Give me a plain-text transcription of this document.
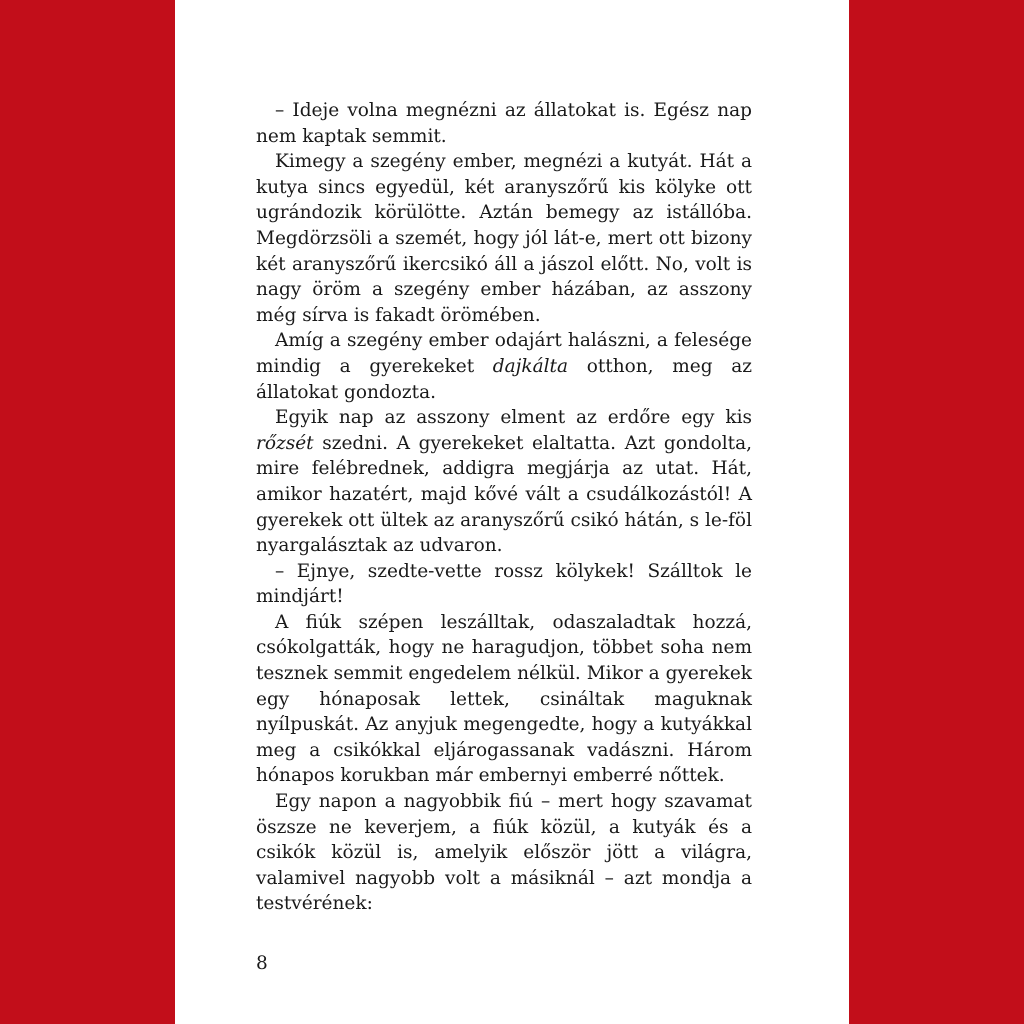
– Ideje volna megnézni az állatokat is. Egész nap nem kaptak semmit.

Kimegy a szegény ember, megnézi a kutyát. Hát a kutya sincs egyedül, két aranyszőrű kis kölyke ott ugrándozik körülötte. Aztán bemegy az istállóba. Megdörzsöli a szemét, hogy jól lát-e, mert ott bizony két aranyszőrű ikercsikó áll a jászol előtt. No, volt is nagy öröm a szegény ember házában, az asszony még sírva is fakadt örömében.

Amíg a szegény ember odajárt halászni, a felesége mindig a gyerekeket dajkálta otthon, meg az állatokat gondozta.

Egyik nap az asszony elment az erdőre egy kis rőzsét szedni. A gyerekeket elaltatta. Azt gondolta, mire felébrednek, addigra megjárja az utat. Hát, amikor hazatért, majd kővé vált a csudálkozástól! A gyerekek ott ültek az aranyszőrű csikó hátán, s le-föl nyargalásztak az udvaron.

– Ejnye, szedte-vette rossz kölykek! Szálltok le mindjárt!

A fiúk szépen leszálltak, odaszaladtak hozzá, csókolgatták, hogy ne haragudjon, többet soha nem tesznek semmit engedelem nélkül. Mikor a gyerekek egy hónaposak lettek, csináltak maguknak nyílpuskát. Az anyjuk megengedte, hogy a kutyákkal meg a csikókkal eljárogassanak vadászni. Három hónapos korukban már embernyi emberré nőttek.

Egy napon a nagyobbik fiú – mert hogy szavamat öszsze ne keverjem, a fiúk közül, a kutyák és a csikók közül is, amelyik először jött a világra, valamivel nagyobb volt a másiknál – azt mondja a testvérének:

8
